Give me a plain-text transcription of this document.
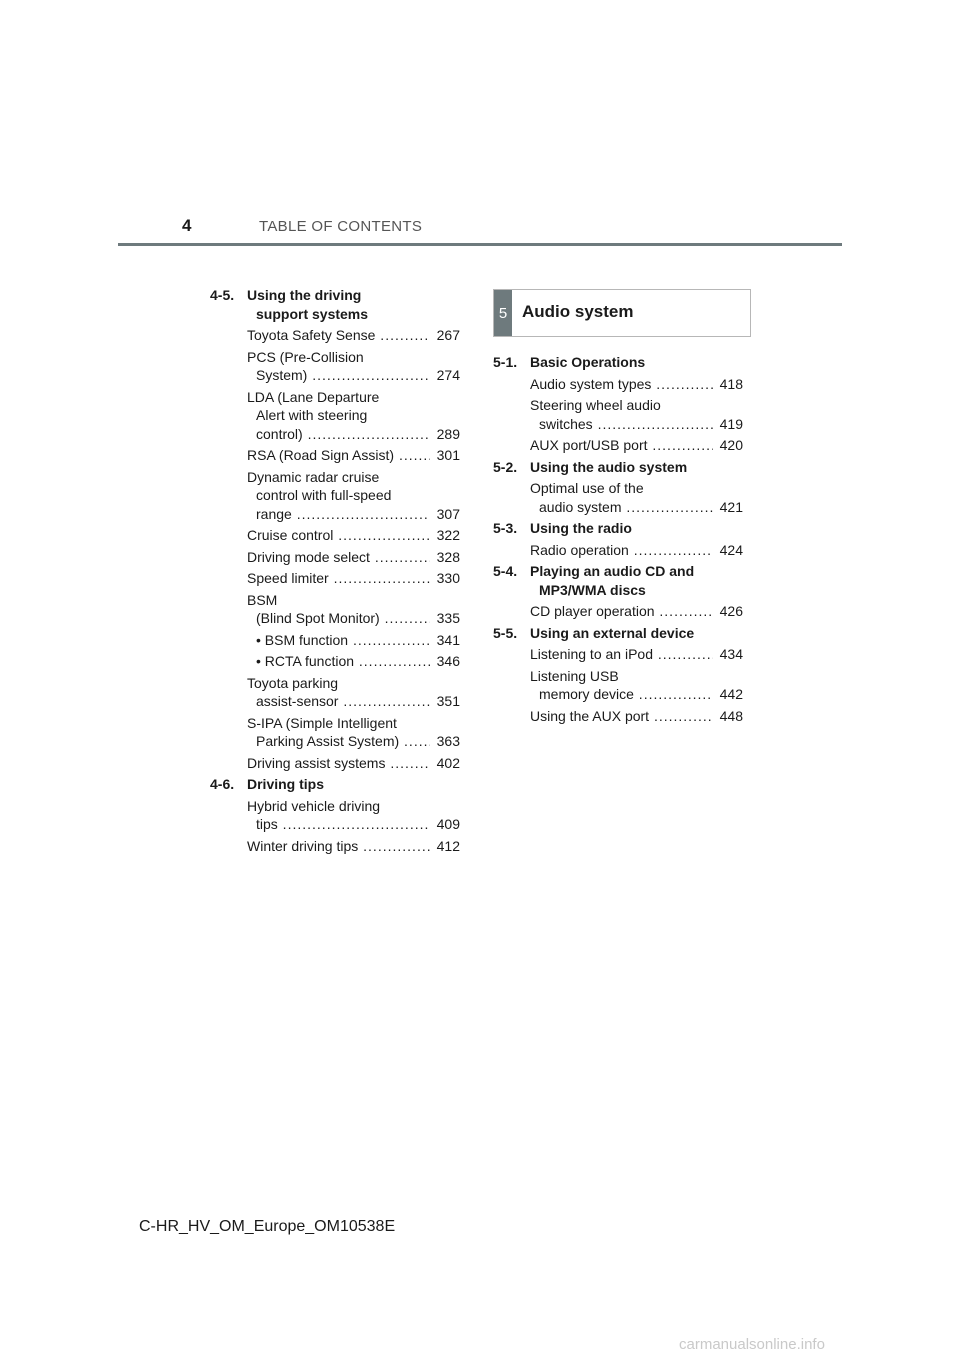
4	TABLE OF CONTENTS
4-5. Using the driving
support systems
Toyota Safety Sense .....	267
PCS (Pre-Collision
System) .....	274
LDA (Lane Departure
Alert with steering
control) .....	289
RSA (Road Sign Assist) .....	301
Dynamic radar cruise
control with full-speed
range .....	307
Cruise control .....	322
Driving mode select .....	328
Speed limiter .....	330
BSM
(Blind Spot Monitor) .....	335
• BSM function .....	341
• RCTA function .....	346
Toyota parking
assist-sensor .....	351
S-IPA (Simple Intelligent
Parking Assist System) .....	363
Driving assist systems .....	402
4-6. Driving tips
Hybrid vehicle driving
tips .....	409
Winter driving tips .....	412
5 Audio system
5-1. Basic Operations
Audio system types .....	418
Steering wheel audio
switches .....	419
AUX port/USB port .....	420
5-2. Using the audio system
Optimal use of the
audio system .....	421
5-3. Using the radio
Radio operation .....	424
5-4. Playing an audio CD and
MP3/WMA discs
CD player operation .....	426
5-5. Using an external device
Listening to an iPod .....	434
Listening USB
memory device .....	442
Using the AUX port .....	448
C-HR_HV_OM_Europe_OM10538E
carmanualsonline.info
